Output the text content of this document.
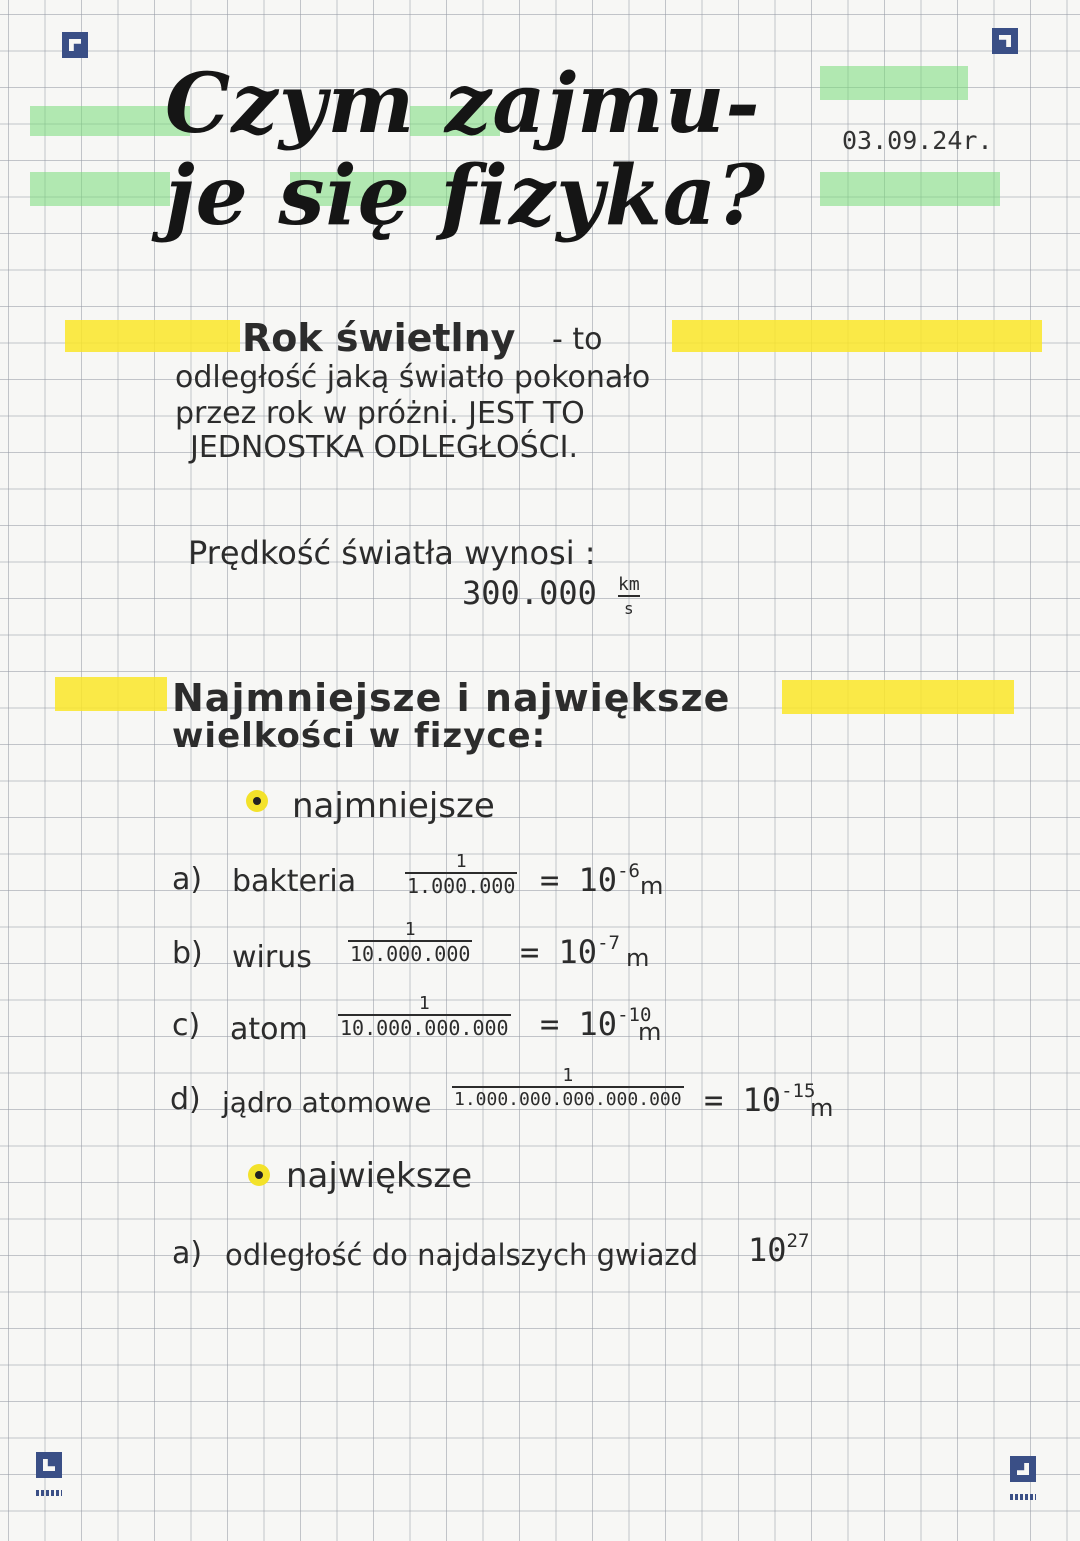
Czym zajmu-
je się fizyka?
03.09.24r.
Rok świetlny - to
odległość jaką światło pokonało
przez rok w próżni. JEST TO
JEDNOSTKA ODLEGŁOŚCI.
Prędkość światła wynosi :
$300.000 \frac{km}{s}$
Najmniejsze i największe
wielkości w fizyce:
najmniejsze
a) bakteria	$\frac{1}{1.000.000} = 10^{-6}$
m
b) wirus $\frac{1}{10.000.000} = 10^{-7}$
m
c) atom $\frac{1}{10.000.000.000} = 10^{-10}$
m
d) jądro atomowe $\frac{1}{1.000.000.000.000.000} = 10^{-15}$
m
największe
a) odległość do najdalszych gwiazd $10^{27}$
